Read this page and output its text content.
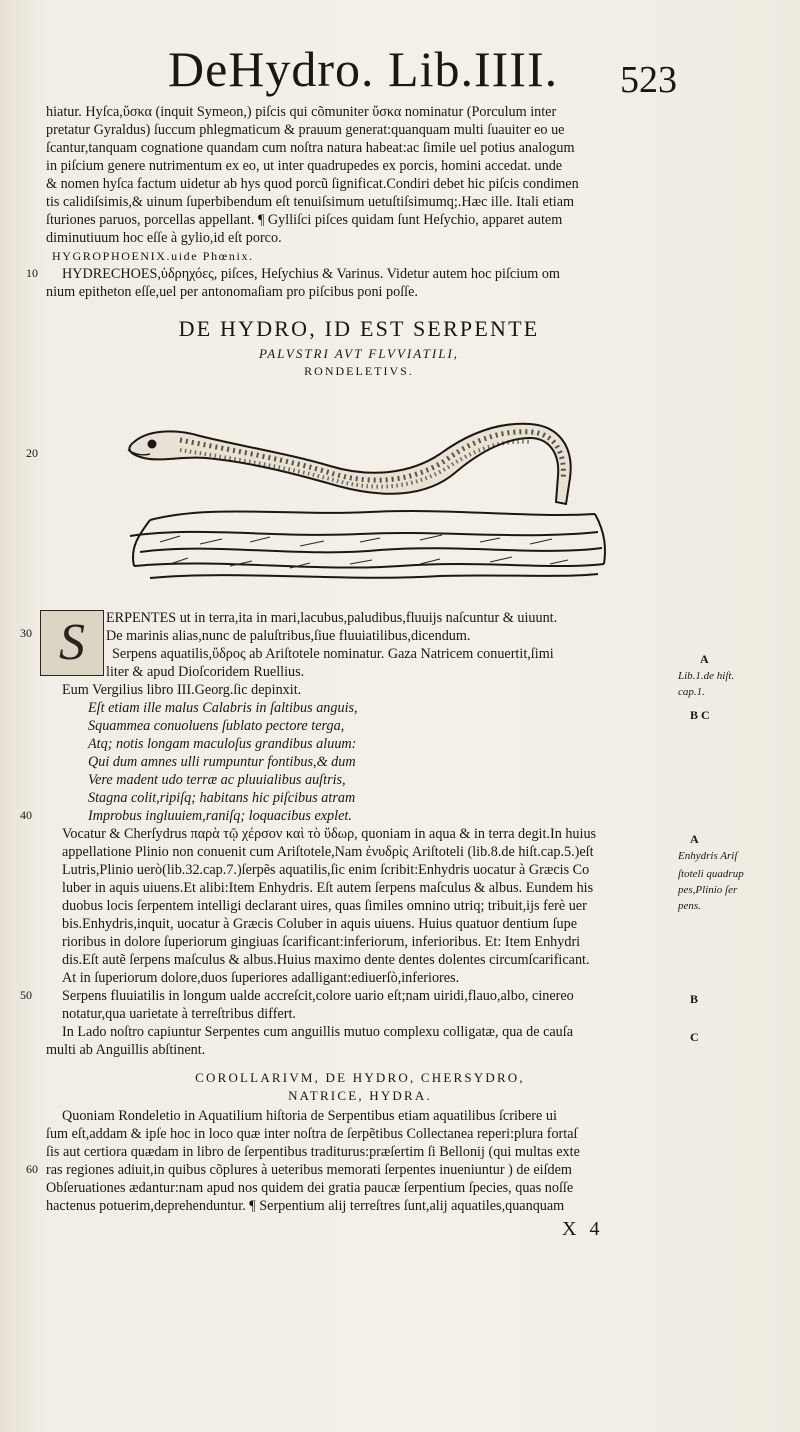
DeHydro. Lib.IIII. 523
hiatur. Hyſca,ὕσκα (inquit Symeon,) piſcis qui cõmuniter ὕσκα nominatur (Porculum inter
pretatur Gyraldus) ſuccum phlegmaticum & prauum generat:quanquam multi ſuauiter eo ue
ſcantur,tanquam cognatione quandam cum noſtra natura habeat:ac ſimile uel potius analogum
in piſcium genere nutrimentum ex eo, ut inter quadrupedes ex porcis, homini accedat. unde
& nomen hyſca factum uidetur ab hys quod porcũ ſignificat.Condiri debet hic piſcis condimen
tis calidiſsimis,& uinum ſuperbibendum eſt tenuiſsimum uetuſtiſsimumq;.Hæc ille. Itali etiam
ſturiones paruos, porcellas appellant. ¶ Gylliſci piſces quidam ſunt Heſychio, apparet autem
diminutiuum hoc eſſe à gylio,id eſt porco.
HYGROPHOENIX.uide Phœnix.
10 HYDRECHOES,ὑδρηχόες, piſces, Heſychius & Varinus. Videtur autem hoc piſcium om
nium epitheton eſſe,uel per antonomaſiam pro piſcibus poni poſſe.
DE HYDRO, ID EST SERPENTE
PALVSTRI AVT FLVVIATILI,
RONDELETIVS.
20
S
30
ERPENTES ut in terra,ita in mari,lacubus,paludibus,fluuijs naſcuntur & uiuunt.
De marinis alias,nunc de paluſtribus,ſiue fluuiatilibus,dicendum.
Serpens aquatilis,ὕδρος ab Ariſtotele nominatur. Gaza Natricem conuertit,ſimi
liter & apud Dioſcoridem Ruellius.
A
Lib.1.de hiſt.
cap.1.
B C
Eum Vergilius libro III.Georg.ſic depinxit.
Eſt etiam ille malus Calabris in ſaltibus anguis,
Squammea conuoluens ſublato pectore terga,
Atq; notis longam maculoſus grandibus aluum:
Qui dum amnes ulli rumpuntur fontibus,& dum
Vere madent udo terræ ac pluuialibus auſtris,
Stagna colit,ripiſq; habitans hic piſcibus atram
40	Improbus ingluuiem,raniſq; loquacibus explet.
Vocatur & Cherſydrus παρὰ τῷ χέρσον καὶ τὸ ὕδωρ, quoniam in aqua & in terra degit.In huius	A
appellatione Plinio non conuenit cum Ariſtotele,Nam ἐνυδρὶς Ariſtoteli (lib.8.de hiſt.cap.5.)eſt
Lutris,Plinio uerò(lib.32.cap.7.)ſerpẽs aquatilis,ſic enim ſcribit:Enhydris uocatur à Græcis Co
luber in aquis uiuens.Et alibi:Item Enhydris. Eſt autem ſerpens maſculus & albus. Eundem his
duobus locis ſerpentem intelligi declarant uires, quas ſimiles omnino utriq; tribuit,ijs ferè uer
bis.Enhydris,inquit, uocatur à Græcis Coluber in aquis uiuens. Huius quatuor dentium ſupe
rioribus in dolore ſuperiorum gingiuas ſcarificant:inferiorum, inferioribus. Et: Item Enhydri
dis.Eſt autẽ ſerpens maſculus & albus.Huius maximo dente dentes dolentes circumſcarificant.
At in ſuperiorum dolore,duos ſuperiores adalligant:ediuerſò,inferiores.
50 Serpens fluuiatilis in longum ualde accreſcit,colore uario eſt;nam uiridi,flauo,albo, cinereo
notatur,qua uarietate à terreſtribus differt.
B
In Lado noſtro capiuntur Serpentes cum anguillis mutuo complexu colligatæ, qua de cauſa	C
multi ab Anguillis abſtinent.
Enhydris Ariſ
ſtoteli quadrup
pes,Plinio ſer
pens.
COROLLARIVM, DE HYDRO, CHERSYDRO,
NATRICE, HYDRA.
Quoniam Rondeletio in Aquatilium hiſtoria de Serpentibus etiam aquatilibus ſcribere ui
ſum eſt,addam & ipſe hoc in loco quæ inter noſtra de ſerpẽtibus Collectanea reperi:plura fortaſ
ſis aut certiora quædam in libro de ſerpentibus traditurus:præſertim ſi Bellonij (qui multas exte
60 ras regiones adiuit,in quibus cõplures à ueteribus memorati ſerpentes inueniuntur ) de eiſdem
Obſeruationes ædantur:nam apud nos quidem dei gratia paucæ ſerpentium ſpecies, quas noſſe
hactenus potuerim,deprehenduntur. ¶ Serpentium alij terreſtres ſunt,alij aquatiles,quanquam
X 4
